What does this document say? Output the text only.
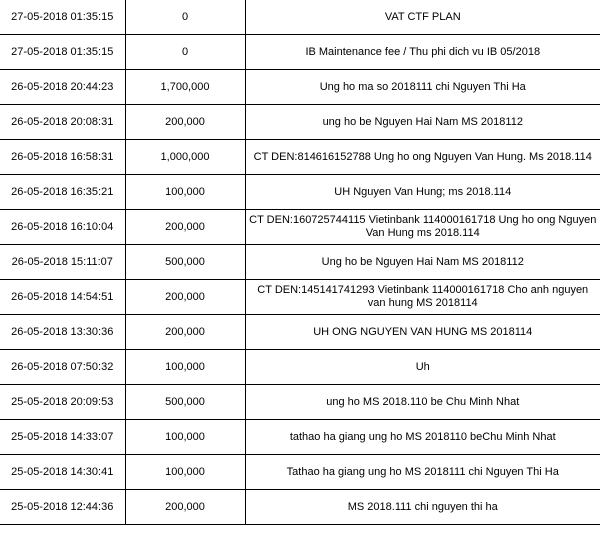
27-05-2018 01:35:15	0	VAT CTF PLAN
27-05-2018 01:35:15	0	IB Maintenance fee / Thu phi dich vu IB 05/2018
26-05-2018 20:44:23	1,700,000	Ung ho ma so 2018111 chi Nguyen Thi Ha
26-05-2018 20:08:31	200,000	ung ho be Nguyen Hai Nam MS 2018112
26-05-2018 16:58:31	1,000,000	CT DEN:814616152788 Ung ho ong Nguyen Van Hung. Ms 2018.114
26-05-2018 16:35:21	100,000	UH Nguyen Van Hung; ms 2018.114
26-05-2018 16:10:04	200,000	CT DEN:160725744115 Vietinbank 114000161718 Ung ho ong Nguyen Van Hung ms 2018.114
26-05-2018 15:11:07	500,000	Ung ho be Nguyen Hai Nam MS 2018112
26-05-2018 14:54:51	200,000	CT DEN:145141741293 Vietinbank 114000161718 Cho anh nguyen van hung MS 2018114
26-05-2018 13:30:36	200,000	UH ONG NGUYEN VAN HUNG MS 2018114
26-05-2018 07:50:32	100,000	Uh
25-05-2018 20:09:53	500,000	ung ho MS 2018.110 be Chu Minh Nhat
25-05-2018 14:33:07	100,000	tathao ha giang ung ho MS 2018110 beChu Minh Nhat
25-05-2018 14:30:41	100,000	Tathao ha giang ung ho MS 2018111 chi Nguyen Thi Ha
25-05-2018 12:44:36	200,000	MS 2018.111 chi nguyen thi ha
